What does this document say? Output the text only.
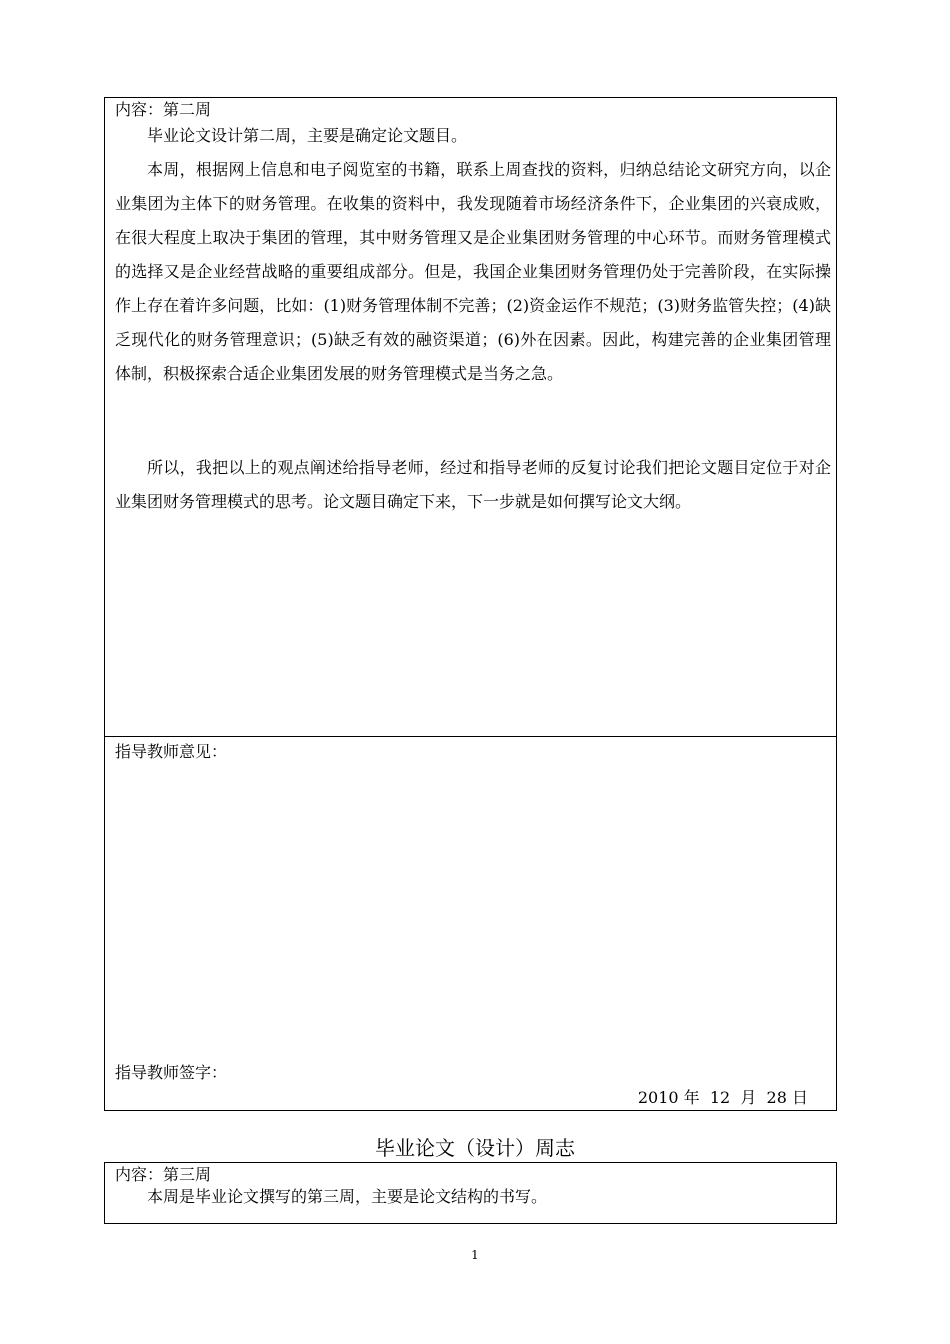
内容：第二周

毕业论文设计第二周，主要是确定论文题目。

本周，根据网上信息和电子阅览室的书籍，联系上周查找的资料，归纳总结论文研究方向，以企业集团为主体下的财务管理。在收集的资料中，我发现随着市场经济条件下，企业集团的兴衰成败，在很大程度上取决于集团的管理，其中财务管理又是企业集团财务管理的中心环节。而财务管理模式的选择又是企业经营战略的重要组成部分。但是，我国企业集团财务管理仍处于完善阶段，在实际操作上存在着许多问题，比如：(1)财务管理体制不完善；(2)资金运作不规范；(3)财务监管失控；(4)缺乏现代化的财务管理意识；(5)缺乏有效的融资渠道；(6)外在因素。因此，构建完善的企业集团管理体制，积极探索合适企业集团发展的财务管理模式是当务之急。

所以，我把以上的观点阐述给指导老师，经过和指导老师的反复讨论我们把论文题目定位于对企业集团财务管理模式的思考。论文题目确定下来，下一步就是如何撰写论文大纲。

指导教师意见：
指导教师签字：
2010 年  12  月  28 日
毕业论文（设计）周志
内容：第三周

本周是毕业论文撰写的第三周，主要是论文结构的书写。

1
